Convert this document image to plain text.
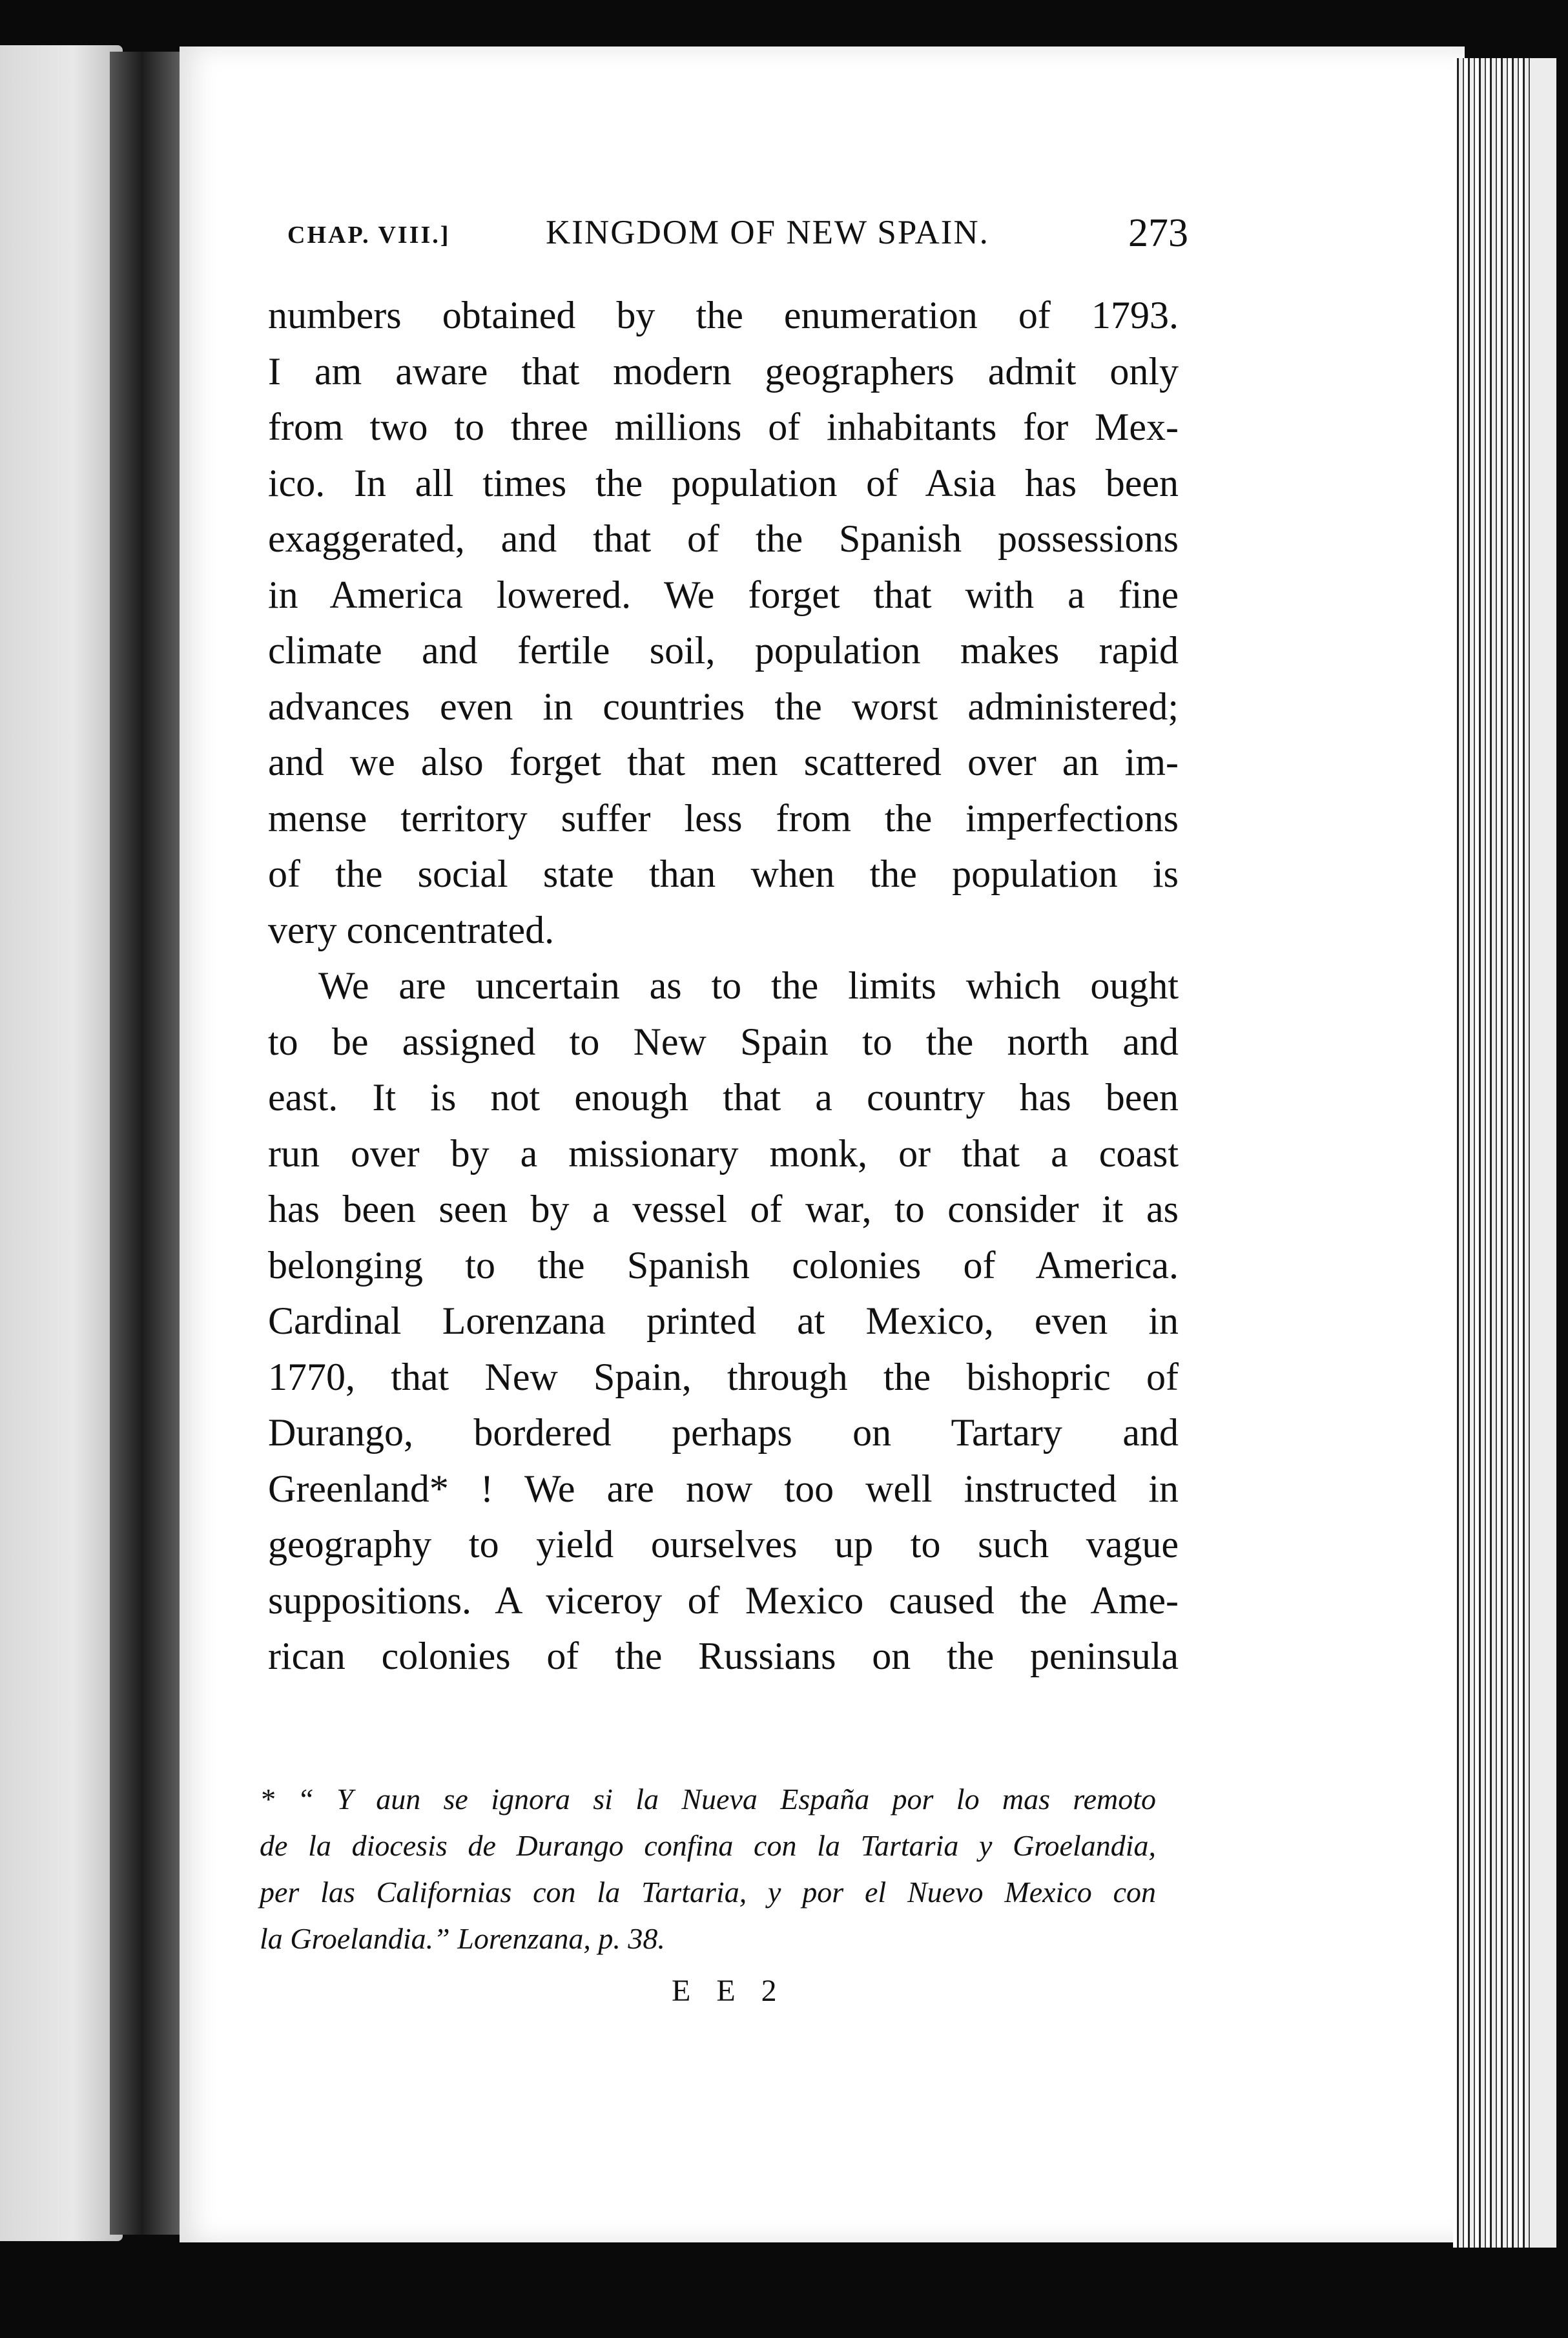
CHAP. VIII.]	KINGDOM OF NEW SPAIN.	273
numbers obtained by the enumeration of 1793.
I am aware that modern geographers admit only
from two to three millions of inhabitants for Mex-
ico. In all times the population of Asia has been
exaggerated, and that of the Spanish possessions
in America lowered. We forget that with a fine
climate and fertile soil, population makes rapid
advances even in countries the worst administered;
and we also forget that men scattered over an im-
mense territory suffer less from the imperfections
of the social state than when the population is
very concentrated.
We are uncertain as to the limits which ought
to be assigned to New Spain to the north and
east. It is not enough that a country has been
run over by a missionary monk, or that a coast
has been seen by a vessel of war, to consider it as
belonging to the Spanish colonies of America.
Cardinal Lorenzana printed at Mexico, even in
1770, that New Spain, through the bishopric of
Durango, bordered perhaps on Tartary and
Greenland* ! We are now too well instructed in
geography to yield ourselves up to such vague
suppositions. A viceroy of Mexico caused the Ame-
rican colonies of the Russians on the peninsula
* “ Y aun se ignora si la Nueva España por lo mas remoto
de la diocesis de Durango confina con la Tartaria y Groelandia,
per las Californias con la Tartaria, y por el Nuevo Mexico con
la Groelandia.” Lorenzana, p. 38.
E E 2
